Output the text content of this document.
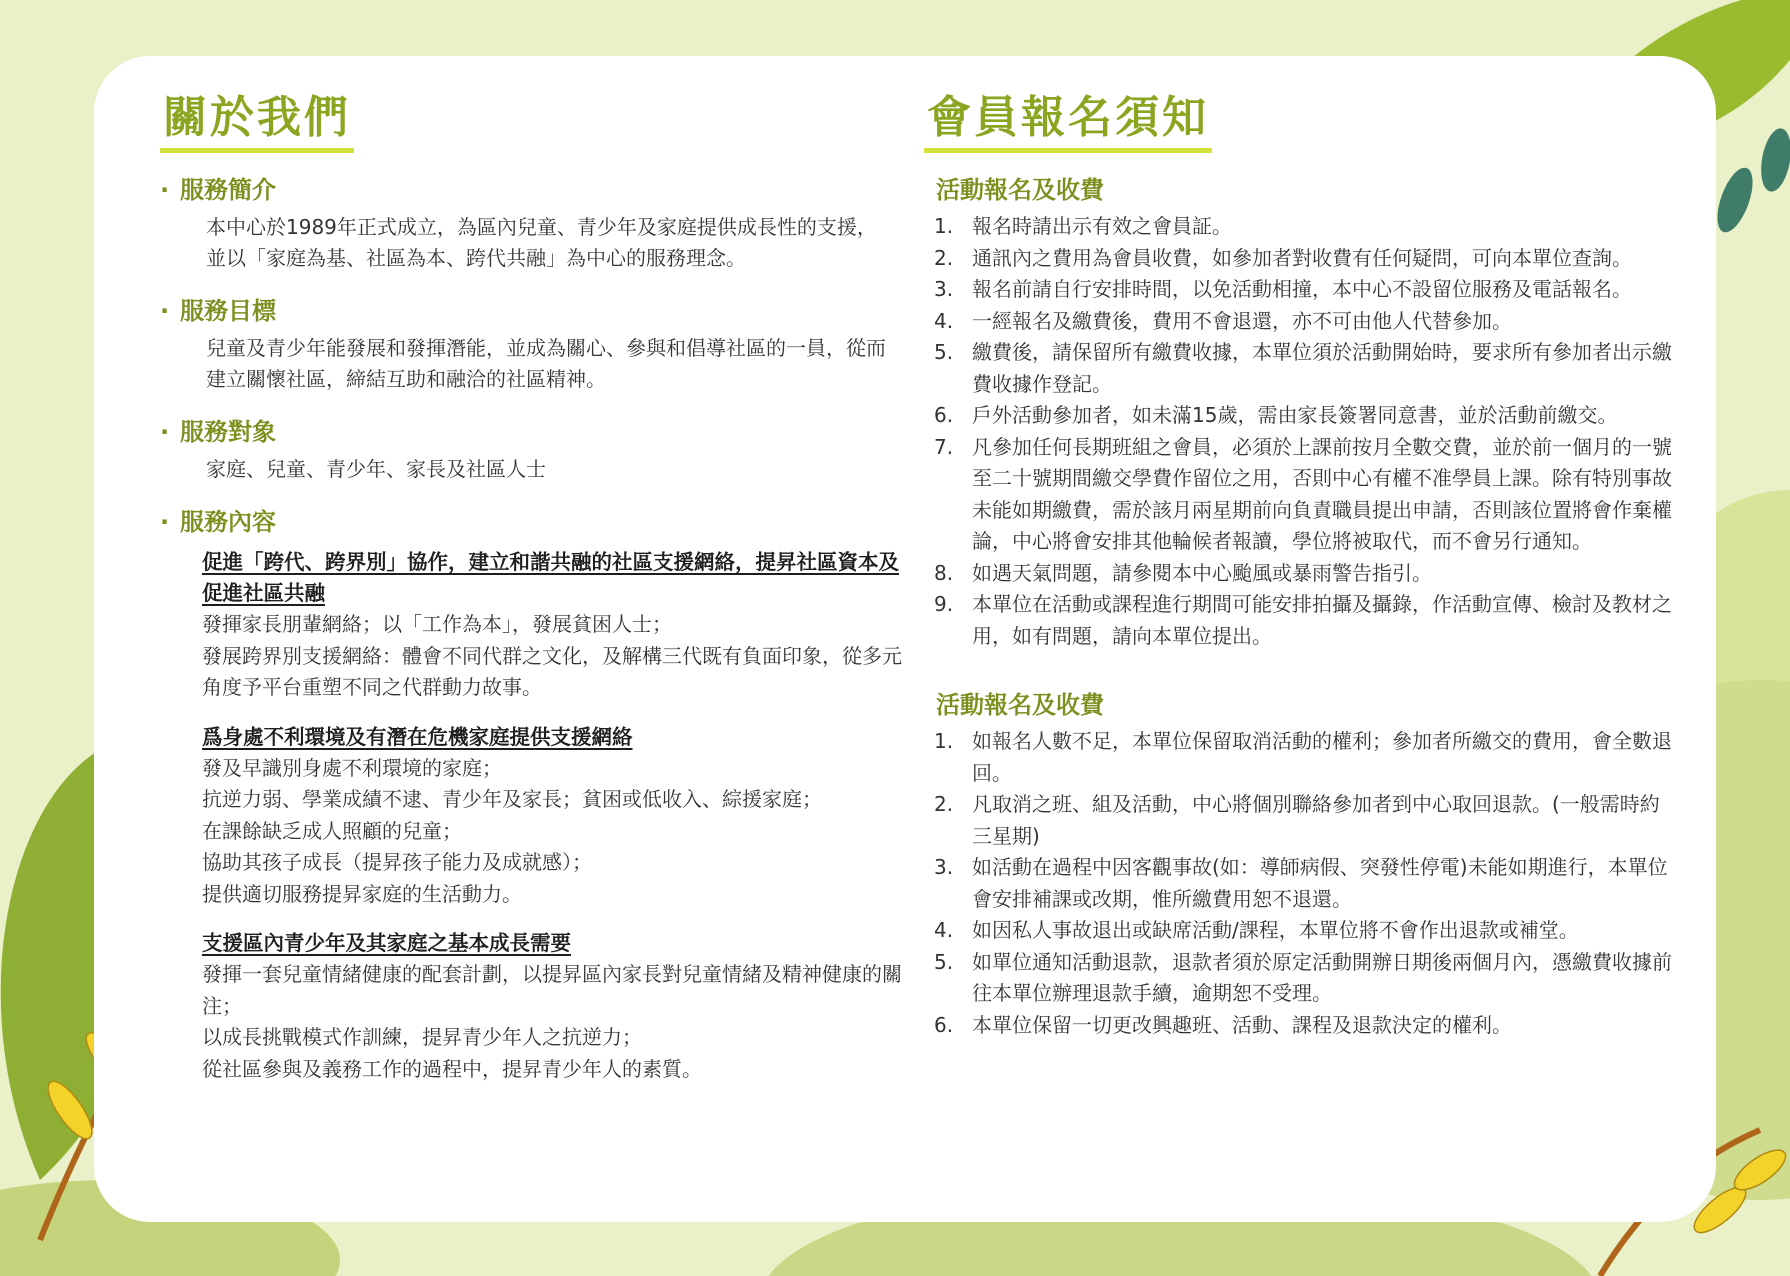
關於我們
· 服務簡介
本中心於1989年正式成立，為區內兒童、青少年及家庭提供成長性的支援，並以「家庭為基、社區為本、跨代共融」為中心的服務理念。
· 服務目標
兒童及青少年能發展和發揮潛能，並成為關心、參與和倡導社區的一員，從而建立關懷社區，締結互助和融洽的社區精神。
· 服務對象
家庭、兒童、青少年、家長及社區人士
· 服務內容
促進「跨代、跨界別」協作，建立和諧共融的社區支援網絡，提昇社區資本及促進社區共融
發揮家長朋輩網絡；以「工作為本」，發展貧困人士；
發展跨界別支援網絡：體會不同代群之文化，及解構三代既有負面印象，從多元角度予平台重塑不同之代群動力故事。
爲身處不利環境及有潛在危機家庭提供支援網絡
發及早識別身處不利環境的家庭；
抗逆力弱、學業成績不逮、青少年及家長；貧困或低收入、綜援家庭；
在課餘缺乏成人照顧的兒童；
協助其孩子成長（提昇孩子能力及成就感）；
提供適切服務提昇家庭的生活動力。
支援區內青少年及其家庭之基本成長需要
發揮一套兒童情緒健康的配套計劃，以提昇區內家長對兒童情緒及精神健康的關注；
以成長挑戰模式作訓練，提昇青少年人之抗逆力；
從社區參與及義務工作的過程中，提昇青少年人的素質。
會員報名須知
活動報名及收費
1. 報名時請出示有效之會員証。
2. 通訊內之費用為會員收費，如參加者對收費有任何疑問，可向本單位查詢。
3. 報名前請自行安排時間，以免活動相撞，本中心不設留位服務及電話報名。
4. 一經報名及繳費後，費用不會退還，亦不可由他人代替參加。
5. 繳費後，請保留所有繳費收據，本單位須於活動開始時，要求所有參加者出示繳費收據作登記。
6. 戶外活動參加者，如未滿15歲，需由家長簽署同意書，並於活動前繳交。
7. 凡參加任何長期班組之會員，必須於上課前按月全數交費，並於前一個月的一號至二十號期間繳交學費作留位之用，否則中心有權不准學員上課。除有特別事故未能如期繳費，需於該月兩星期前向負責職員提出申請，否則該位置將會作棄權論，中心將會安排其他輪候者報讀，學位將被取代，而不會另行通知。
8. 如遇天氣問題，請參閱本中心颱風或暴雨警告指引。
9. 本單位在活動或課程進行期間可能安排拍攝及攝錄，作活動宣傳、檢討及教材之用，如有問題，請向本單位提出。
活動報名及收費
1. 如報名人數不足，本單位保留取消活動的權利；參加者所繳交的費用，會全數退回。
2. 凡取消之班、組及活動，中心將個別聯絡參加者到中心取回退款。(一般需時約三星期)
3. 如活動在過程中因客觀事故(如：導師病假、突發性停電)未能如期進行，本單位會安排補課或改期，惟所繳費用恕不退還。
4. 如因私人事故退出或缺席活動/課程，本單位將不會作出退款或補堂。
5. 如單位通知活動退款，退款者須於原定活動開辦日期後兩個月內，憑繳費收據前往本單位辦理退款手續，逾期恕不受理。
6. 本單位保留一切更改興趣班、活動、課程及退款決定的權利。
